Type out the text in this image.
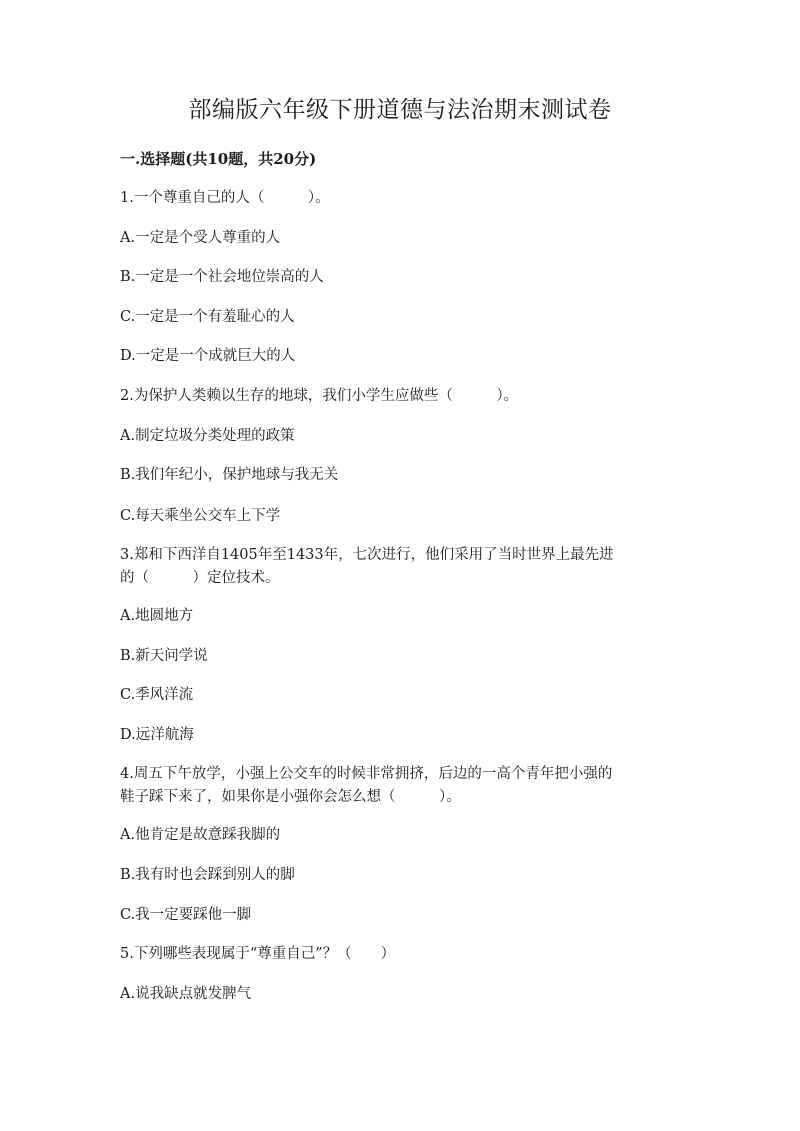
部编版六年级下册道德与法治期末测试卷
一.选择题(共10题，共20分)

1.一个尊重自己的人（　　　）。

A.一定是个受人尊重的人

B.一定是一个社会地位崇高的人

C.一定是一个有羞耻心的人

D.一定是一个成就巨大的人

2.为保护人类赖以生存的地球，我们小学生应做些（　　　）。

A.制定垃圾分类处理的政策

B.我们年纪小，保护地球与我无关

C.每天乘坐公交车上下学

3.郑和下西洋自1405年至1433年，七次进行，他们采用了当时世界上最先进

的（　　　）定位技术。

A.地圆地方

B.新天问学说

C.季风洋流

D.远洋航海

4.周五下午放学，小强上公交车的时候非常拥挤，后边的一高个青年把小强的

鞋子踩下来了，如果你是小强你会怎么想（　　　）。

A.他肯定是故意踩我脚的

B.我有时也会踩到别人的脚

C.我一定要踩他一脚

5.下列哪些表现属于“尊重自己”？（　　）

A.说我缺点就发脾气
